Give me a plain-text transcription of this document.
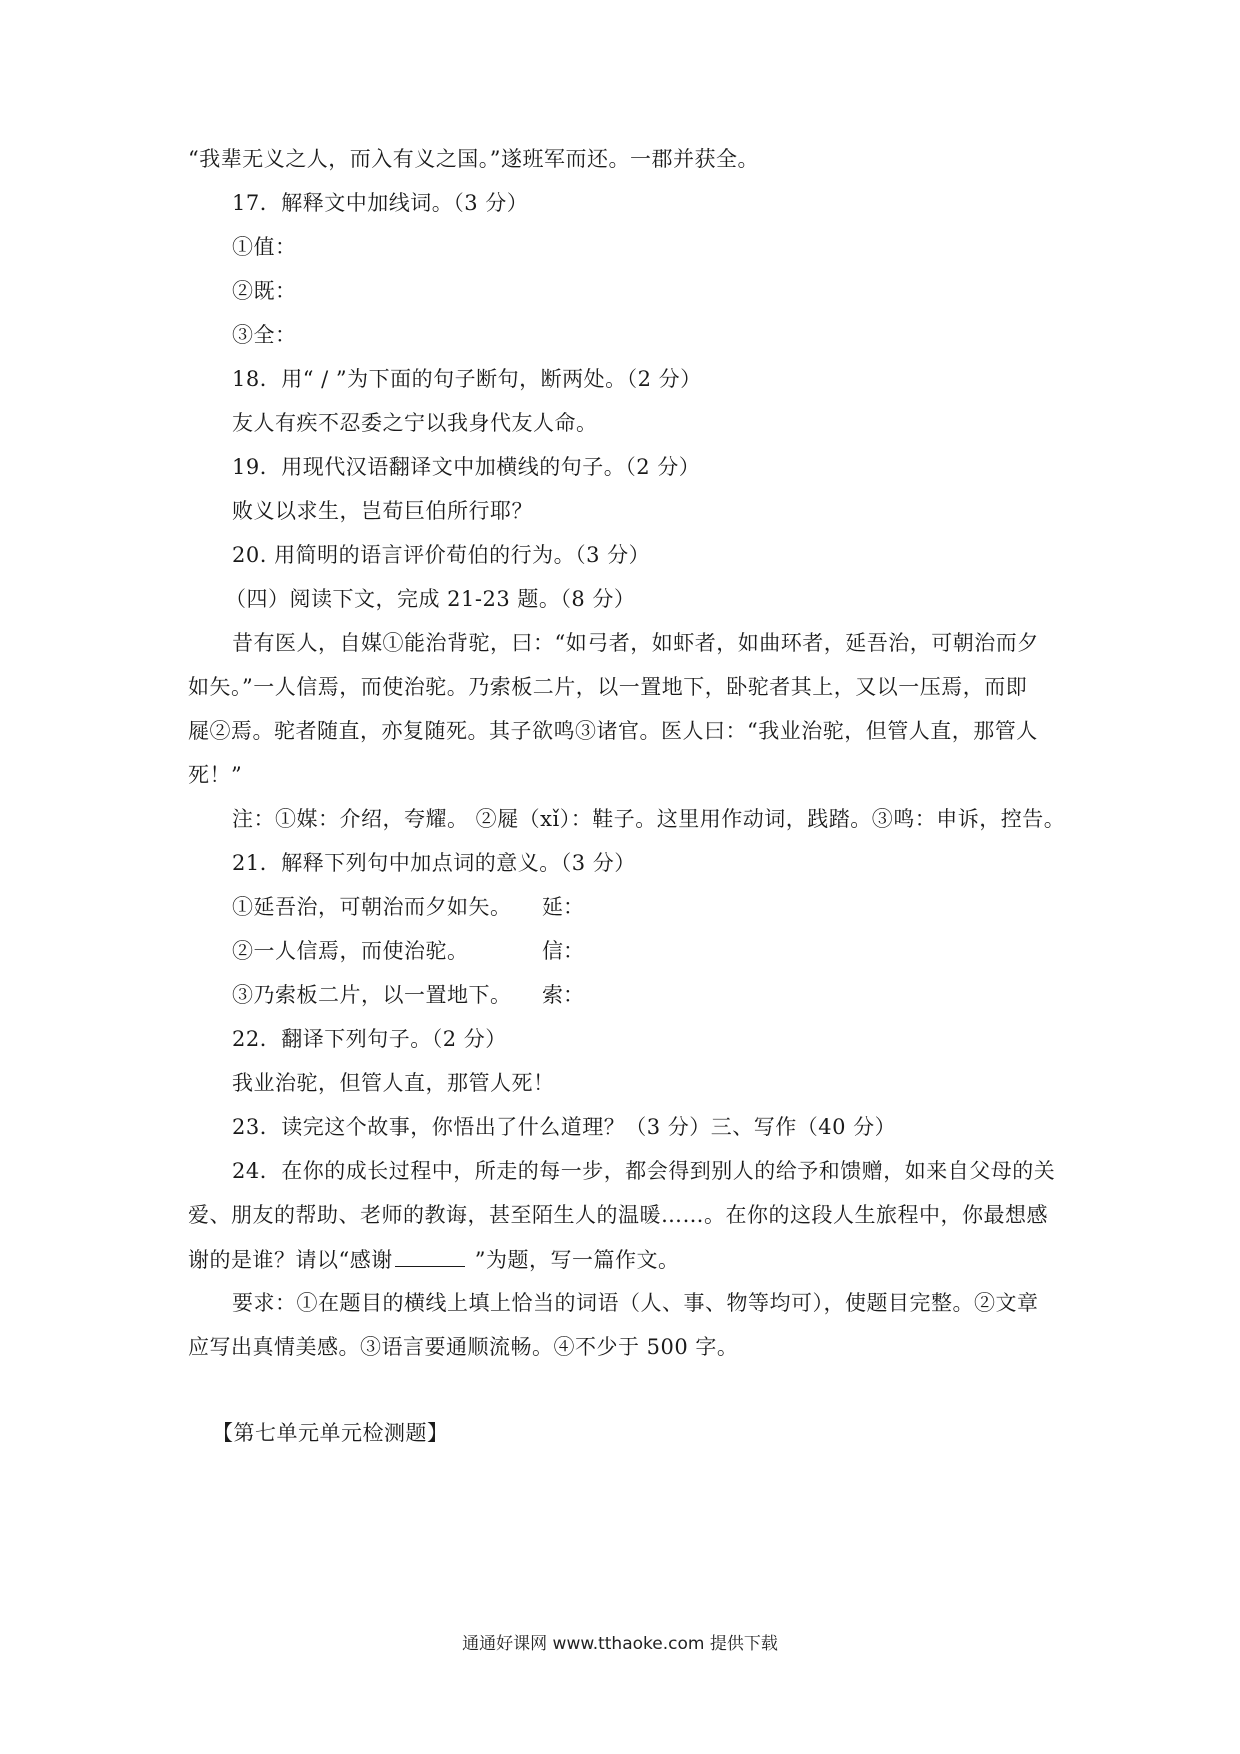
“我辈无义之人，而入有义之国。”遂班军而还。一郡并获全。
17．解释文中加线词。（3 分）
①值：
②既：
③全：
18．用“ / ”为下面的句子断句，断两处。（2 分）
友人有疾不忍委之宁以我身代友人命。
19．用现代汉语翻译文中加横线的句子。（2 分）
败义以求生，岂荀巨伯所行耶？
20. 用简明的语言评价荀伯的行为。（3 分）
（四）阅读下文，完成 21-23 题。（8 分）
昔有医人，自媒①能治背驼，曰：“如弓者，如虾者，如曲环者，延吾治，可朝治而夕
如矢。”一人信焉，而使治驼。乃索板二片，以一置地下，卧驼者其上，又以一压焉，而即
屣②焉。驼者随直，亦复随死。其子欲鸣③诸官。医人曰：“我业治驼，但管人直，那管人
死！”
注：①媒：介绍，夸耀。 ②屣（xǐ）：鞋子。这里用作动词，践踏。③鸣：申诉，控告。
21．解释下列句中加点词的意义。（3 分）
①延吾治，可朝治而夕如矢。 延：
②一人信焉，而使治驼。	信：
③乃索板二片，以一置地下。 索：
22．翻译下列句子。（2 分）
我业治驼，但管人直，那管人死！
23．读完这个故事，你悟出了什么道理？（3 分）三、写作（40 分）
24．在你的成长过程中，所走的每一步，都会得到别人的给予和馈赠，如来自父母的关
爱、朋友的帮助、老师的教诲，甚至陌生人的温暖……。在你的这段人生旅程中，你最想感
谢的是谁？请以“感谢	”为题，写一篇作文。
要求：①在题目的横线上填上恰当的词语（人、事、物等均可），使题目完整。②文章
应写出真情美感。③语言要通顺流畅。④不少于 500 字。
【第七单元单元检测题】
通通好课网 www.tthaoke.com 提供下载
